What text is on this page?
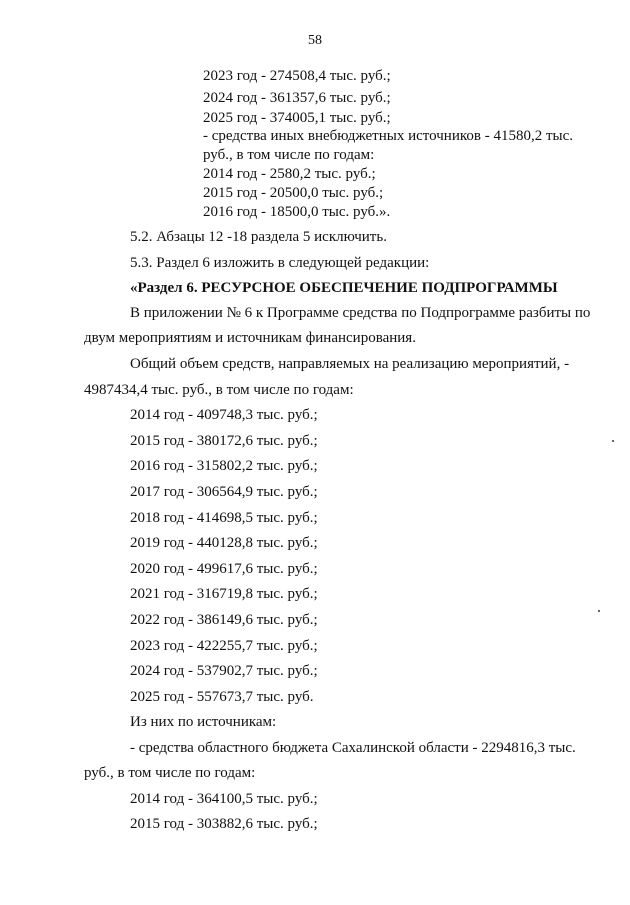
58
2023 год - 274508,4 тыс. руб.;
2024 год - 361357,6 тыс. руб.;
2025 год - 374005,1 тыс. руб.;
- средства иных внебюджетных источников - 41580,2 тыс.
руб., в том числе по годам:
2014 год - 2580,2 тыс. руб.;
2015 год - 20500,0 тыс. руб.;
2016 год - 18500,0 тыс. руб.».
5.2. Абзацы 12 -18 раздела 5 исключить.
5.3. Раздел 6 изложить в следующей редакции:
«Раздел 6. РЕСУРСНОЕ ОБЕСПЕЧЕНИЕ ПОДПРОГРАММЫ
В приложении № 6 к Программе средства по Подпрограмме разбиты по
двум мероприятиям и источникам финансирования.
Общий объем средств, направляемых на реализацию мероприятий, -
4987434,4 тыс. руб., в том числе по годам:
2014 год - 409748,3 тыс. руб.;
2015 год - 380172,6 тыс. руб.;
2016 год - 315802,2 тыс. руб.;
2017 год - 306564,9 тыс. руб.;
2018 год - 414698,5 тыс. руб.;
2019 год - 440128,8 тыс. руб.;
2020 год - 499617,6 тыс. руб.;
2021 год - 316719,8 тыс. руб.;
2022 год - 386149,6 тыс. руб.;
2023 год - 422255,7 тыс. руб.;
2024 год - 537902,7 тыс. руб.;
2025 год - 557673,7 тыс. руб.
Из них по источникам:
- средства областного бюджета Сахалинской области - 2294816,3 тыс.
руб., в том числе по годам:
2014 год - 364100,5 тыс. руб.;
2015 год - 303882,6 тыс. руб.;
